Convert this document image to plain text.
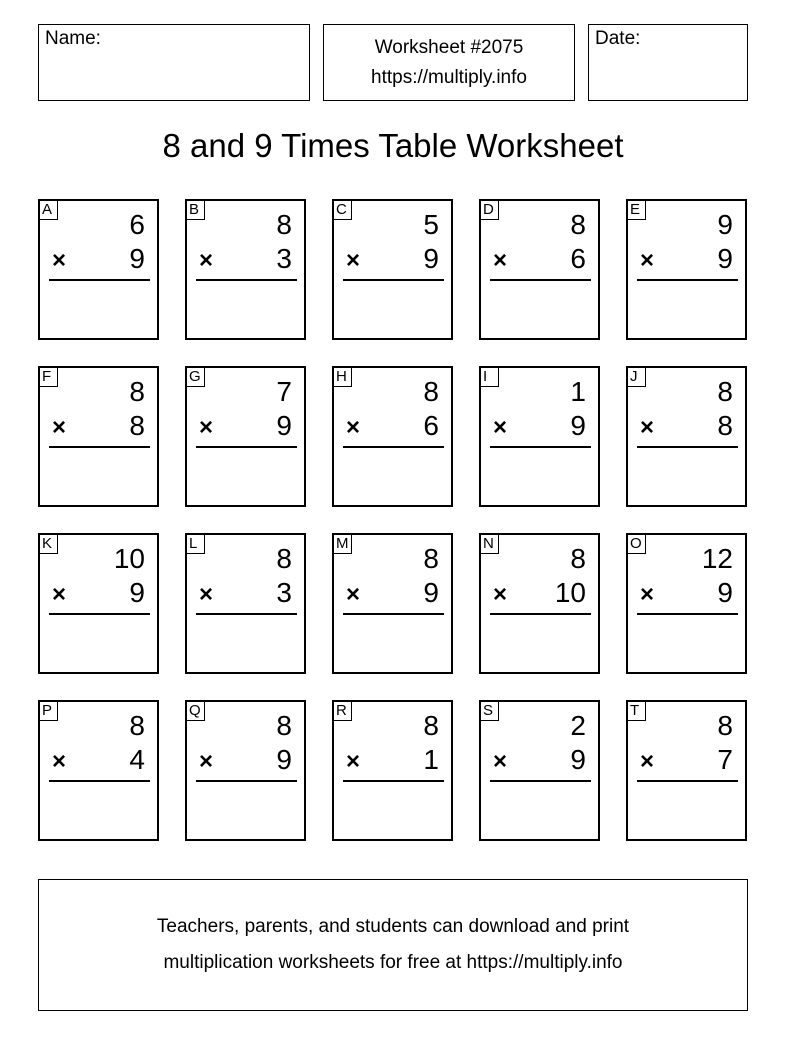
Name:	Worksheet #2075
https://multiply.info
Date:
8 and 9 Times Table Worksheet
A	6
× 9
B	8
× 3
C	5
× 9
D	8
× 6
E	9
× 9
F	8
× 8
G	7
× 9
H	8
× 6
I	1
× 9
J	8
× 8
K 10
× 9
L	8
× 3
M	8
× 9
N	8
× 10
O 12
× 9
P	8
× 4
Q	8
× 9
R	8
× 1
S	2
× 9
T	8
× 7
Teachers, parents, and students can download and print
multiplication worksheets for free at https://multiply.info
